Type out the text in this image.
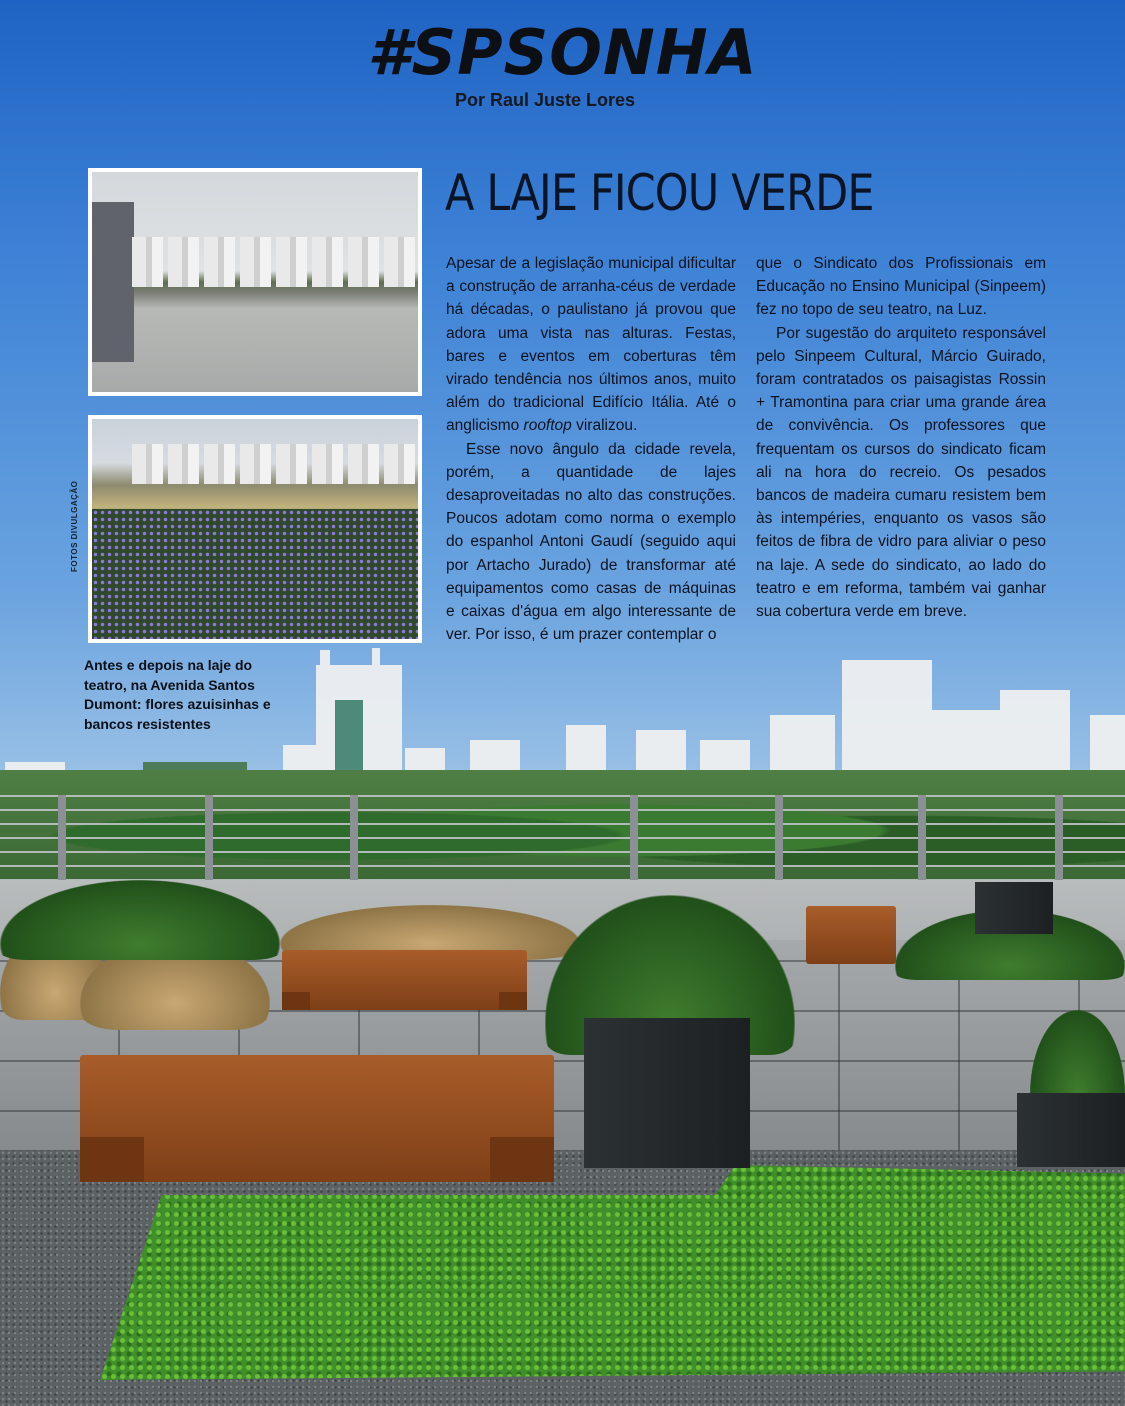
#SPSONHA
Por Raul Juste Lores
FOTOS DIVULGAÇÃO
Antes e depois na laje do teatro, na Avenida Santos Dumont: flores azuisinhas e bancos resistentes
A LAJE FICOU VERDE

Apesar de a legislação municipal dificultar a construção de arranha-céus de verdade há décadas, o paulistano já provou que adora uma vista nas alturas. Festas, bares e eventos em coberturas têm virado tendência nos últimos anos, muito além do tradicional Edifício Itália. Até o anglicismo rooftop viralizou.

Esse novo ângulo da cidade revela, porém, a quantidade de lajes desaproveitadas no alto das construções. Poucos adotam como norma o exemplo do espanhol Antoni Gaudí (seguido aqui por Artacho Jurado) de transformar até equipamentos como casas de máquinas e caixas d'água em algo interessante de ver. Por isso, é um prazer contemplar o

que o Sindicato dos Profissionais em Educação no Ensino Municipal (Sinpeem) fez no topo de seu teatro, na Luz.

Por sugestão do arquiteto responsável pelo Sinpeem Cultural, Márcio Guirado, foram contratados os paisagistas Rossin + Tramontina para criar uma grande área de convivência. Os professores que frequentam os cursos do sindicato ficam ali na hora do recreio. Os pesados bancos de madeira cumaru resistem bem às intempéries, enquanto os vasos são feitos de fibra de vidro para aliviar o peso na laje. A sede do sindicato, ao lado do teatro e em reforma, também vai ganhar sua cobertura verde em breve.
